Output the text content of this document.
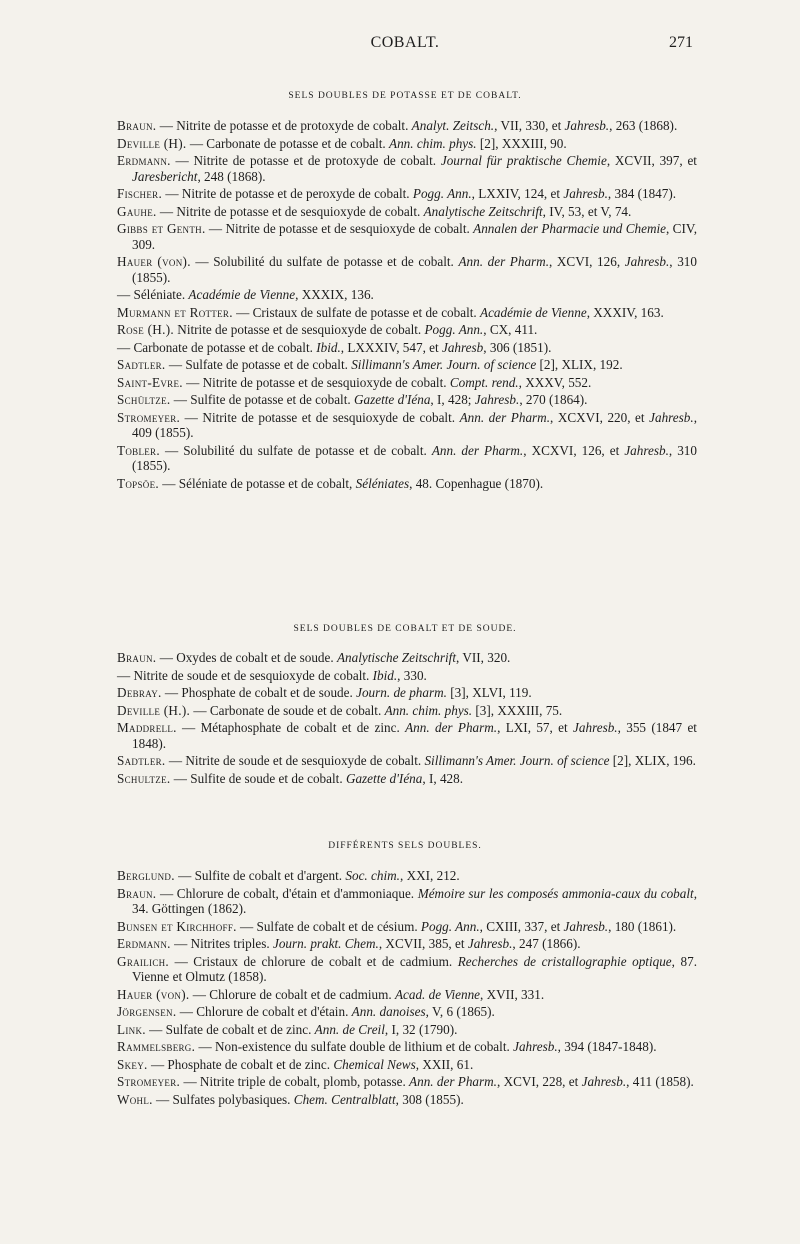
COBALT.	271
SELS DOUBLES DE POTASSE ET DE COBALT.
Braun. — Nitrite de potasse et de protoxyde de cobalt. Analyt. Zeitsch., VII, 330, et Jahresb., 263 (1868).
Deville (H). — Carbonate de potasse et de cobalt. Ann. chim. phys. [2], XXXIII, 90.
Erdmann. — Nitrite de potasse et de protoxyde de cobalt. Journal für praktische Chemie, XCVII, 397, et Jaresbericht, 248 (1868).
Fischer. — Nitrite de potasse et de peroxyde de cobalt. Pogg. Ann., LXXIV, 124, et Jahresb., 384 (1847).
Gauhe. — Nitrite de potasse et de sesquioxyde de cobalt. Analytische Zeitschrift, IV, 53, et V, 74.
Gibbs et Genth. — Nitrite de potasse et de sesquioxyde de cobalt. Annalen der Pharmacie und Chemie, CIV, 309.
Hauer (von). — Solubilité du sulfate de potasse et de cobalt. Ann. der Pharm., XCVI, 126, Jahresb., 310 (1855).
— Séléniate. Académie de Vienne, XXXIX, 136.
Murmann et Rotter. — Cristaux de sulfate de potasse et de cobalt. Académie de Vienne, XXXIV, 163.
Rose (H.). Nitrite de potasse et de sesquioxyde de cobalt. Pogg. Ann., CX, 411.
— Carbonate de potasse et de cobalt. Ibid., LXXXIV, 547, et Jahresb, 306 (1851).
Sadtler. — Sulfate de potasse et de cobalt. Sillimann's Amer. Journ. of science [2], XLIX, 192.
Saint-Evre. — Nitrite de potasse et de sesquioxyde de cobalt. Compt. rend., XXXV, 552.
Schültze. — Sulfite de potasse et de cobalt. Gazette d'Iéna, I, 428; Jahresb., 270 (1864).
Stromeyer. — Nitrite de potasse et de sesquioxyde de cobalt. Ann. der Pharm., XCXVI, 220, et Jahresb., 409 (1855).
Tobler. — Solubilité du sulfate de potasse et de cobalt. Ann. der Pharm., XCXVI, 126, et Jahresb., 310 (1855).
Topsöe. — Séléniate de potasse et de cobalt, Séléniates, 48. Copenhague (1870).
SELS DOUBLES DE COBALT ET DE SOUDE.
Braun. — Oxydes de cobalt et de soude. Analytische Zeitschrift, VII, 320.
— Nitrite de soude et de sesquioxyde de cobalt. Ibid., 330.
Debray. — Phosphate de cobalt et de soude. Journ. de pharm. [3], XLVI, 119.
Deville (H.). — Carbonate de soude et de cobalt. Ann. chim. phys. [3], XXXIII, 75.
Maddrell. — Métaphosphate de cobalt et de zinc. Ann. der Pharm., LXI, 57, et Jahresb., 355 (1847 et 1848).
Sadtler. — Nitrite de soude et de sesquioxyde de cobalt. Sillimann's Amer. Journ. of science [2], XLIX, 196.
Schultze. — Sulfite de soude et de cobalt. Gazette d'Iéna, I, 428.
DIFFÉRENTS SELS DOUBLES.
Berglund. — Sulfite de cobalt et d'argent. Soc. chim., XXI, 212.
Braun. — Chlorure de cobalt, d'étain et d'ammoniaque. Mémoire sur les composés ammonia-caux du cobalt, 34. Göttingen (1862).
Bunsen et Kirchhoff. — Sulfate de cobalt et de césium. Pogg. Ann., CXIII, 337, et Jahresb., 180 (1861).
Erdmann. — Nitrites triples. Journ. prakt. Chem., XCVII, 385, et Jahresb., 247 (1866).
Grailich. — Cristaux de chlorure de cobalt et de cadmium. Recherches de cristallographie optique, 87. Vienne et Olmutz (1858).
Hauer (von). — Chlorure de cobalt et de cadmium. Acad. de Vienne, XVII, 331.
Jörgensen. — Chlorure de cobalt et d'étain. Ann. danoises, V, 6 (1865).
Link. — Sulfate de cobalt et de zinc. Ann. de Creil, I, 32 (1790).
Rammelsberg. — Non-existence du sulfate double de lithium et de cobalt. Jahresb., 394 (1847-1848).
Skey. — Phosphate de cobalt et de zinc. Chemical News, XXII, 61.
Stromeyer. — Nitrite triple de cobalt, plomb, potasse. Ann. der Pharm., XCVI, 228, et Jahresb., 411 (1858).
Wohl. — Sulfates polybasiques. Chem. Centralblatt, 308 (1855).
